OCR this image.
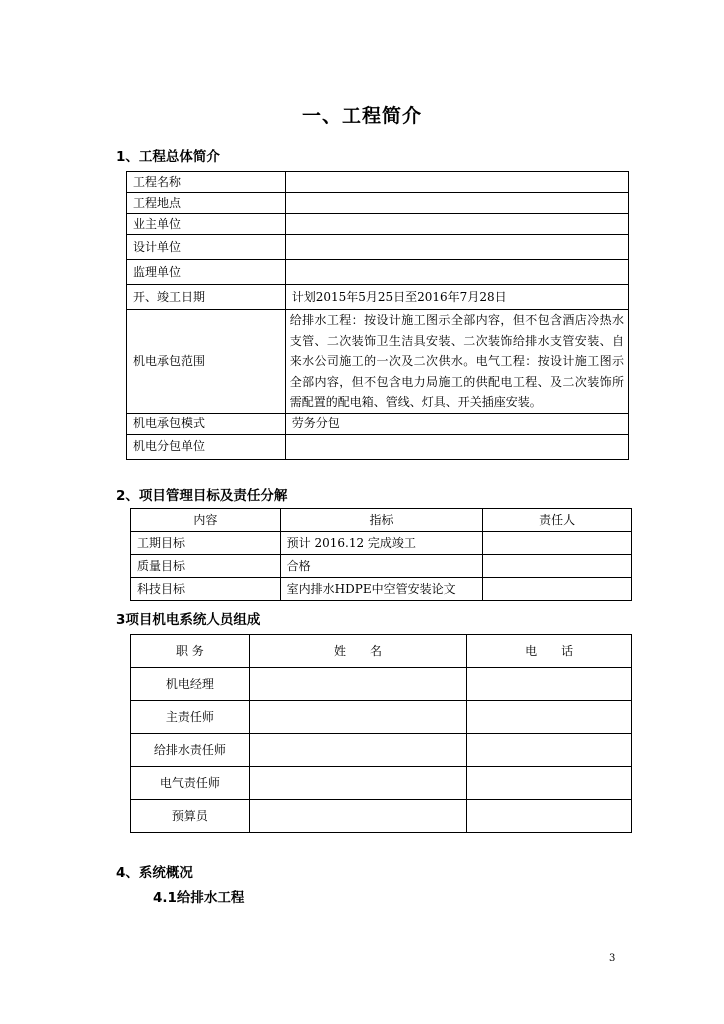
一、工程简介
1、工程总体简介
工程名称	
工程地点	
业主单位	
设计单位	
监理单位	
开、竣工日期	计划2015年5月25日至2016年7月28日
机电承包范围	给排水工程：按设计施工图示全部内容，但不包含酒店冷热水支管、二次装饰卫生洁具安装、二次装饰给排水支管安装、自来水公司施工的一次及二次供水。电气工程：按设计施工图示全部内容，但不包含电力局施工的供配电工程、及二次装饰所需配置的配电箱、管线、灯具、开关插座安装。
机电承包模式	劳务分包
机电分包单位	
2、项目管理目标及责任分解
内容	指标	责任人
工期目标	预计 2016.12 完成竣工	
质量目标	合格	
科技目标	室内排水HDPE中空管安装论文	
3项目机电系统人员组成
职 务	姓　　名	电　　话
机电经理		
主责任师		
给排水责任师		
电气责任师		
预算员		
4、系统概况
4.1给排水工程
3
